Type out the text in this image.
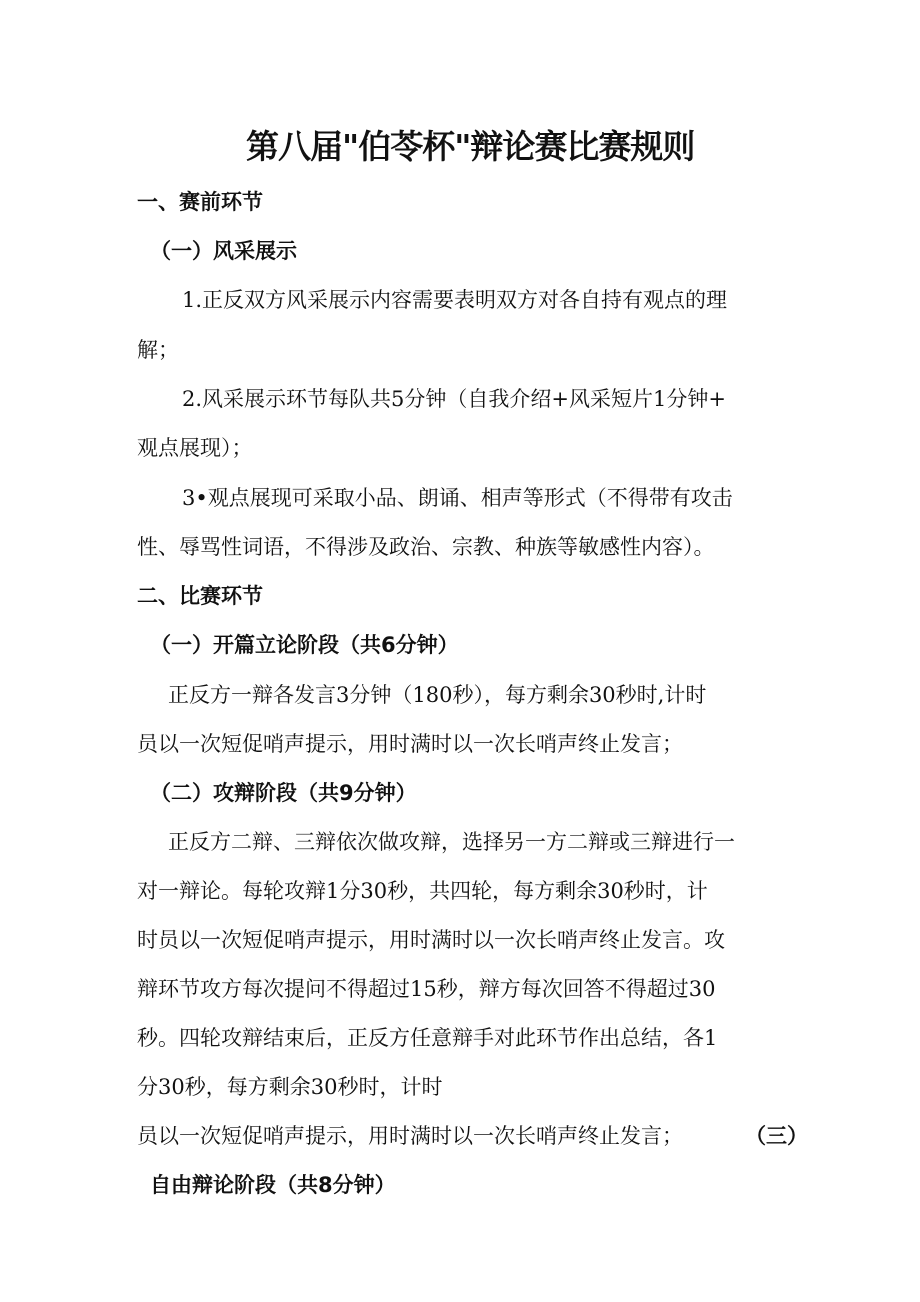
第八届"伯苓杯"辩论赛比赛规则
一、赛前环节
（一）风采展示
1.正反双方风采展示内容需要表明双方对各自持有观点的理
解；
2.风采展示环节每队共5分钟（自我介绍+风采短片1分钟+
观点展现）；
3•观点展现可采取小品、朗诵、相声等形式（不得带有攻击
性、辱骂性词语，不得涉及政治、宗教、种族等敏感性内容）。
二、比赛环节
（一）开篇立论阶段（共6分钟）
正反方一辩各发言3分钟（180秒），每方剩余30秒时,计时
员以一次短促哨声提示，用时满时以一次长哨声终止发言；
（二）攻辩阶段（共9分钟）
正反方二辩、三辩依次做攻辩，选择另一方二辩或三辩进行一
对一辩论。每轮攻辩1分30秒，共四轮，每方剩余30秒时，计
时员以一次短促哨声提示，用时满时以一次长哨声终止发言。攻
辩环节攻方每次提问不得超过15秒，辩方每次回答不得超过30
秒。四轮攻辩结束后，正反方任意辩手对此环节作出总结，各1
分30秒，每方剩余30秒时，计时
员以一次短促哨声提示，用时满时以一次长哨声终止发言；	（三）
自由辩论阶段（共8分钟）
